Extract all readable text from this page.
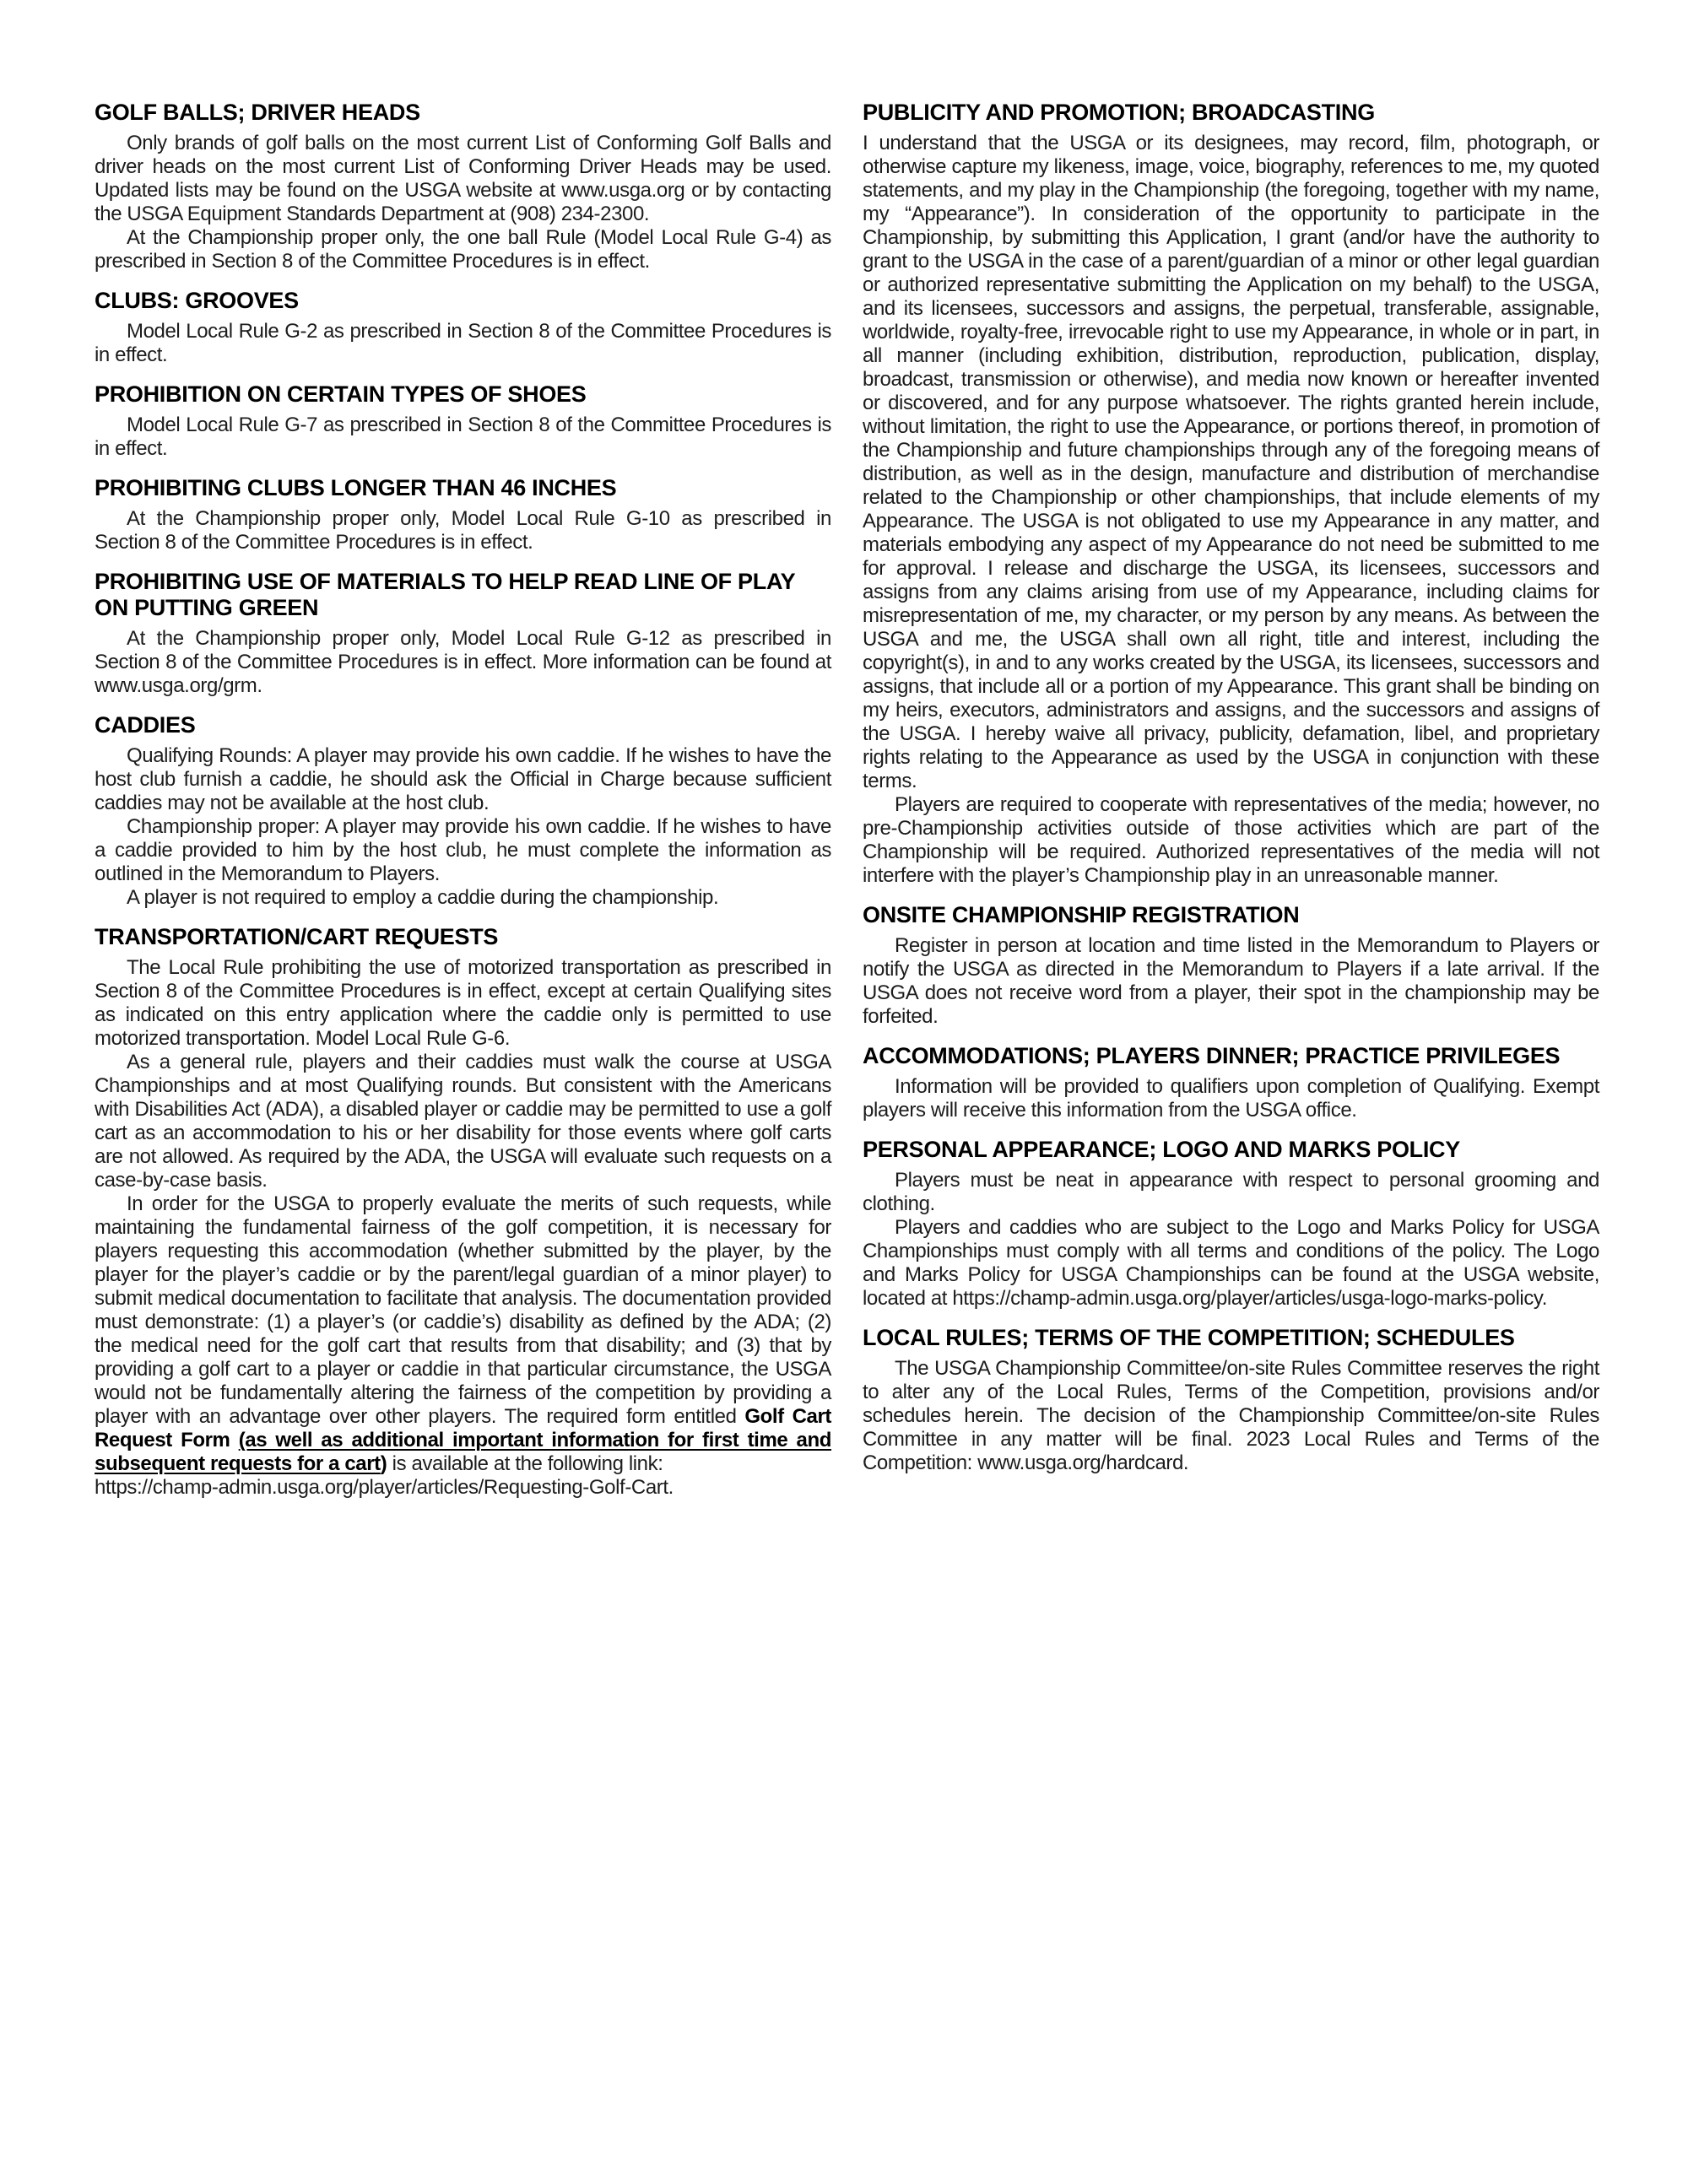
GOLF BALLS; DRIVER HEADS
Only brands of golf balls on the most current List of Conforming Golf Balls and driver heads on the most current List of Conforming Driver Heads may be used. Updated lists may be found on the USGA website at www.usga.org or by contacting the USGA Equipment Standards Department at (908) 234-2300.
At the Championship proper only, the one ball Rule (Model Local Rule G-4) as prescribed in Section 8 of the Committee Procedures is in effect.
CLUBS: GROOVES
Model Local Rule G-2 as prescribed in Section 8 of the Committee Procedures is in effect.
PROHIBITION ON CERTAIN TYPES OF SHOES
Model Local Rule G-7 as prescribed in Section 8 of the Committee Procedures is in effect.
PROHIBITING CLUBS LONGER THAN 46 INCHES
At the Championship proper only, Model Local Rule G-10 as prescribed in Section 8 of the Committee Procedures is in effect.
PROHIBITING USE OF MATERIALS TO HELP READ LINE OF PLAY ON PUTTING GREEN
At the Championship proper only, Model Local Rule G-12 as prescribed in Section 8 of the Committee Procedures is in effect. More information can be found at www.usga.org/grm.
CADDIES
Qualifying Rounds: A player may provide his own caddie. If he wishes to have the host club furnish a caddie, he should ask the Official in Charge because sufficient caddies may not be available at the host club.
Championship proper: A player may provide his own caddie. If he wishes to have a caddie provided to him by the host club, he must complete the information as outlined in the Memorandum to Players.
A player is not required to employ a caddie during the championship.
TRANSPORTATION/CART REQUESTS
The Local Rule prohibiting the use of motorized transportation as prescribed in Section 8 of the Committee Procedures is in effect, except at certain Qualifying sites as indicated on this entry application where the caddie only is permitted to use motorized transportation. Model Local Rule G-6.
As a general rule, players and their caddies must walk the course at USGA Championships and at most Qualifying rounds. But consistent with the Americans with Disabilities Act (ADA), a disabled player or caddie may be permitted to use a golf cart as an accommodation to his or her disability for those events where golf carts are not allowed. As required by the ADA, the USGA will evaluate such requests on a case-by-case basis.
In order for the USGA to properly evaluate the merits of such requests, while maintaining the fundamental fairness of the golf competition, it is necessary for players requesting this accommodation (whether submitted by the player, by the player for the player’s caddie or by the parent/legal guardian of a minor player) to submit medical documentation to facilitate that analysis. The documentation provided must demonstrate: (1) a player’s (or caddie’s) disability as defined by the ADA; (2) the medical need for the golf cart that results from that disability; and (3) that by providing a golf cart to a player or caddie in that particular circumstance, the USGA would not be fundamentally altering the fairness of the competition by providing a player with an advantage over other players. The required form entitled Golf Cart Request Form (as well as additional important information for first time and subsequent requests for a cart) is available at the following link:
https://champ-admin.usga.org/player/articles/Requesting-Golf-Cart.
PUBLICITY AND PROMOTION; BROADCASTING
I understand that the USGA or its designees, may record, film, photograph, or otherwise capture my likeness, image, voice, biography, references to me, my quoted statements, and my play in the Championship (the foregoing, together with my name, my “Appearance”). In consideration of the opportunity to participate in the Championship, by submitting this Application, I grant (and/or have the authority to grant to the USGA in the case of a parent/guardian of a minor or other legal guardian or authorized representative submitting the Application on my behalf) to the USGA, and its licensees, successors and assigns, the perpetual, transferable, assignable, worldwide, royalty-free, irrevocable right to use my Appearance, in whole or in part, in all manner (including exhibition, distribution, reproduction, publication, display, broadcast, transmission or otherwise), and media now known or hereafter invented or discovered, and for any purpose whatsoever. The rights granted herein include, without limitation, the right to use the Appearance, or portions thereof, in promotion of the Championship and future championships through any of the foregoing means of distribution, as well as in the design, manufacture and distribution of merchandise related to the Championship or other championships, that include elements of my Appearance. The USGA is not obligated to use my Appearance in any matter, and materials embodying any aspect of my Appearance do not need be submitted to me for approval. I release and discharge the USGA, its licensees, successors and assigns from any claims arising from use of my Appearance, including claims for misrepresentation of me, my character, or my person by any means. As between the USGA and me, the USGA shall own all right, title and interest, including the copyright(s), in and to any works created by the USGA, its licensees, successors and assigns, that include all or a portion of my Appearance. This grant shall be binding on my heirs, executors, administrators and assigns, and the successors and assigns of the USGA. I hereby waive all privacy, publicity, defamation, libel, and proprietary rights relating to the Appearance as used by the USGA in conjunction with these terms.
Players are required to cooperate with representatives of the media; however, no pre-Championship activities outside of those activities which are part of the Championship will be required. Authorized representatives of the media will not interfere with the player’s Championship play in an unreasonable manner.
ONSITE CHAMPIONSHIP REGISTRATION
Register in person at location and time listed in the Memorandum to Players or notify the USGA as directed in the Memorandum to Players if a late arrival. If the USGA does not receive word from a player, their spot in the championship may be forfeited.
ACCOMMODATIONS; PLAYERS DINNER; PRACTICE PRIVILEGES
Information will be provided to qualifiers upon completion of Qualifying. Exempt players will receive this information from the USGA office.
PERSONAL APPEARANCE; LOGO AND MARKS POLICY
Players must be neat in appearance with respect to personal grooming and clothing.
Players and caddies who are subject to the Logo and Marks Policy for USGA Championships must comply with all terms and conditions of the policy. The Logo and Marks Policy for USGA Championships can be found at the USGA website, located at https://champ-admin.usga.org/player/articles/usga-logo-marks-policy.
LOCAL RULES; TERMS OF THE COMPETITION; SCHEDULES
The USGA Championship Committee/on-site Rules Committee reserves the right to alter any of the Local Rules, Terms of the Competition, provisions and/or schedules herein. The decision of the Championship Committee/on-site Rules Committee in any matter will be final. 2023 Local Rules and Terms of the Competition: www.usga.org/hardcard.
